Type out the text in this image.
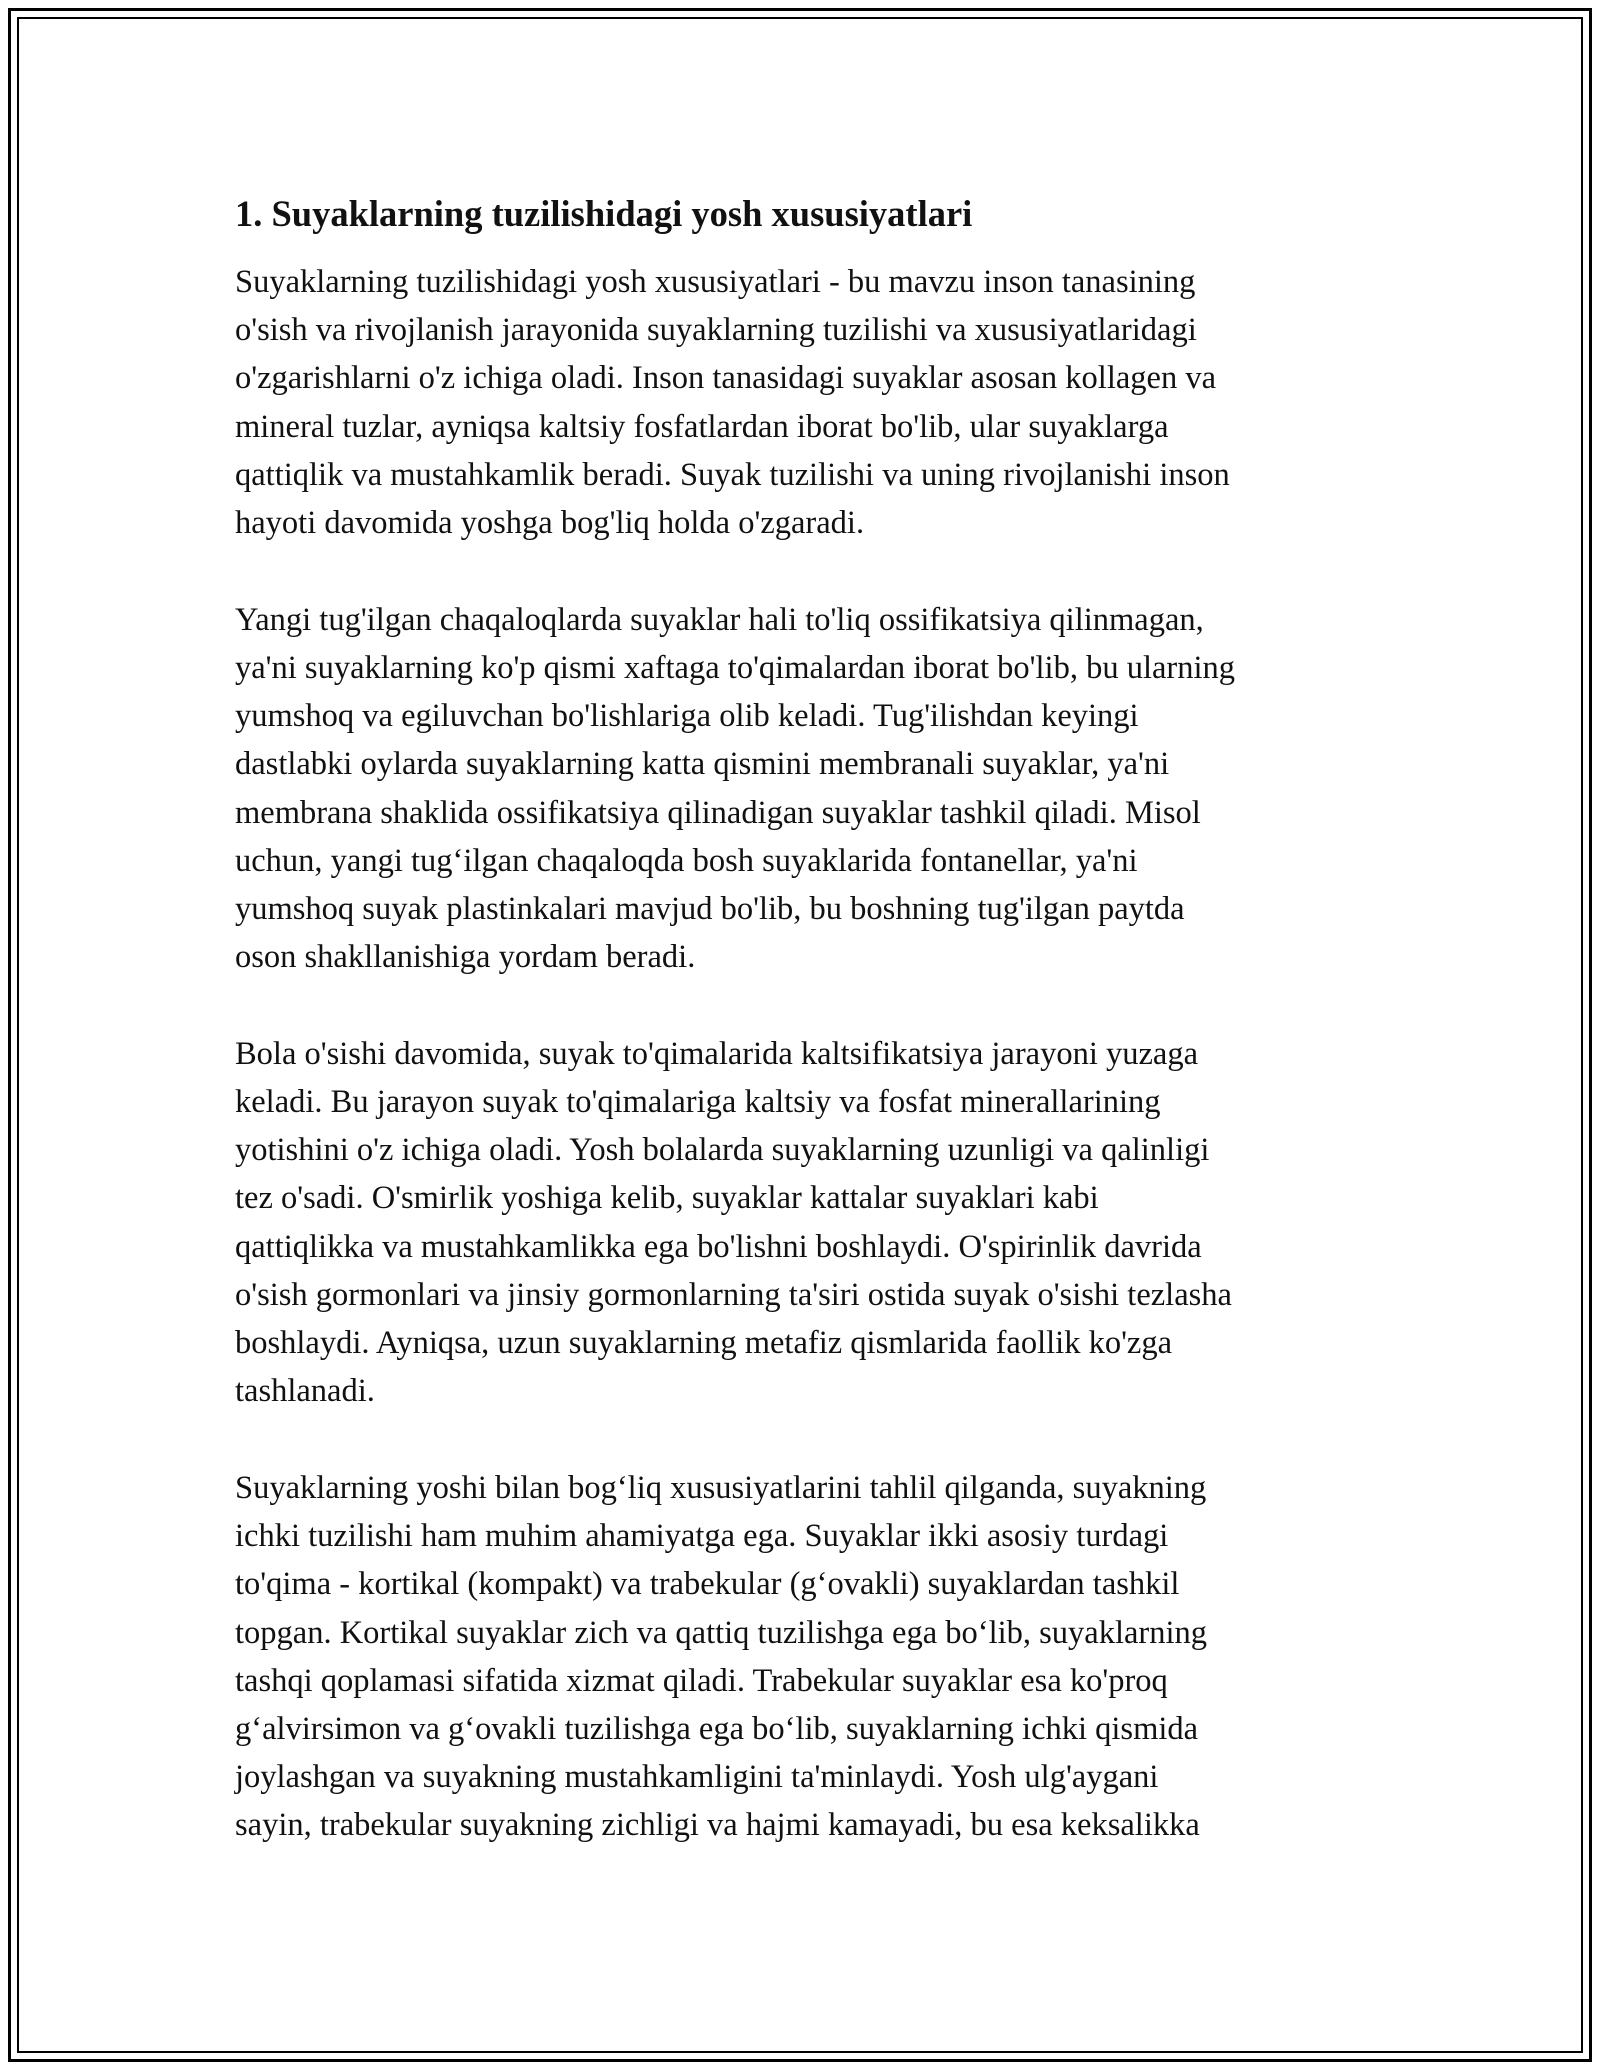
1. Suyaklarning tuzilishidagi yosh xususiyatlari
Suyaklarning tuzilishidagi yosh xususiyatlari - bu mavzu inson tanasining
o'sish va rivojlanish jarayonida suyaklarning tuzilishi va xususiyatlaridagi
o'zgarishlarni o'z ichiga oladi. Inson tanasidagi suyaklar asosan kollagen va
mineral tuzlar, ayniqsa kaltsiy fosfatlardan iborat bo'lib, ular suyaklarga
qattiqlik va mustahkamlik beradi. Suyak tuzilishi va uning rivojlanishi inson
hayoti davomida yoshga bog'liq holda o'zgaradi.
Yangi tug'ilgan chaqaloqlarda suyaklar hali to'liq ossifikatsiya qilinmagan,
ya'ni suyaklarning ko'p qismi xaftaga to'qimalardan iborat bo'lib, bu ularning
yumshoq va egiluvchan bo'lishlariga olib keladi. Tug'ilishdan keyingi
dastlabki oylarda suyaklarning katta qismini membranali suyaklar, ya'ni
membrana shaklida ossifikatsiya qilinadigan suyaklar tashkil qiladi. Misol
uchun, yangi tug‘ilgan chaqaloqda bosh suyaklarida fontanellar, ya'ni
yumshoq suyak plastinkalari mavjud bo'lib, bu boshning tug'ilgan paytda
oson shakllanishiga yordam beradi.
Bola o'sishi davomida, suyak to'qimalarida kaltsifikatsiya jarayoni yuzaga
keladi. Bu jarayon suyak to'qimalariga kaltsiy va fosfat minerallarining
yotishini o'z ichiga oladi. Yosh bolalarda suyaklarning uzunligi va qalinligi
tez o'sadi. O'smirlik yoshiga kelib, suyaklar kattalar suyaklari kabi
qattiqlikka va mustahkamlikka ega bo'lishni boshlaydi. O'spirinlik davrida
o'sish gormonlari va jinsiy gormonlarning ta'siri ostida suyak o'sishi tezlasha
boshlaydi. Ayniqsa, uzun suyaklarning metafiz qismlarida faollik ko'zga
tashlanadi.
Suyaklarning yoshi bilan bog‘liq xususiyatlarini tahlil qilganda, suyakning
ichki tuzilishi ham muhim ahamiyatga ega. Suyaklar ikki asosiy turdagi
to'qima - kortikal (kompakt) va trabekular (g‘ovakli) suyaklardan tashkil
topgan. Kortikal suyaklar zich va qattiq tuzilishga ega bo‘lib, suyaklarning
tashqi qoplamasi sifatida xizmat qiladi. Trabekular suyaklar esa ko'proq
g‘alvirsimon va g‘ovakli tuzilishga ega bo‘lib, suyaklarning ichki qismida
joylashgan va suyakning mustahkamligini ta'minlaydi. Yosh ulg'aygani
sayin, trabekular suyakning zichligi va hajmi kamayadi, bu esa keksalikka
